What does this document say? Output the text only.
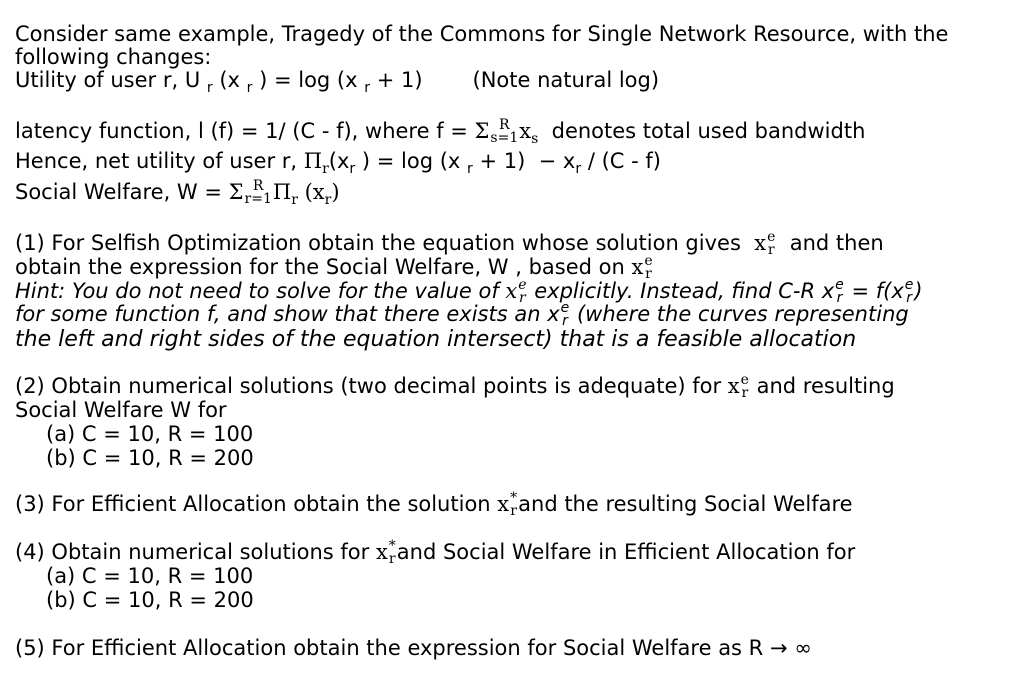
Consider same example, Tragedy of the Commons for Single Network Resource, with the
following changes:
Utility of user r, U $_r$ (x $_r$ ) = log (x $_r$ + 1) (Note natural log)
latency function, l (f) = 1/ (C - f), where f = Σ R
s=1 $x_s$ denotes total used bandwidth
Hence, net utility of user r, $\Pi_r(x_r$ ) = log (x $_r + 1) - x_r / (C - f)$
Social Welfare, W = Σ R
r=1 $\Pi_r$ $(x_r)$
(1) For Selfish Optimization obtain the equation whose solution gives x e
r and then
obtain the expression for the Social Welfare, W , based on x e
r
Hint: You do not need to solve for the value of x e
r explicitly. Instead, find C-R x e
r = f(x e
r )
for some function f, and show that there exists an x e
r (where the curves representing
the left and right sides of the equation intersect) that is a feasible allocation
(2) Obtain numerical solutions (two decimal points is adequate) for x e
r and resulting
Social Welfare W for
(a) C = 10, R = 100
(b) C = 10, R = 200
(3) For Efficient Allocation obtain the solution x *
r and the resulting Social Welfare
(4) Obtain numerical solutions for x *
r and Social Welfare in Efficient Allocation for
(a) C = 10, R = 100
(b) C = 10, R = 200
(5) For Efficient Allocation obtain the expression for Social Welfare as R → ∞
